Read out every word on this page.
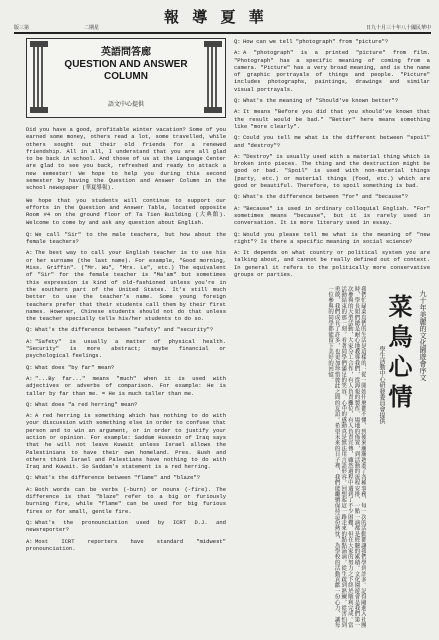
版三第	二期星
報 導 夏 華
日九十月三十年八十國民華中
英語問答廊
QUESTION AND ANSWER COLUMN
語文中心提供

Did you have a good, profitable winter vacation? Some of you earned some money, others read a lot, some travelled, while others sought out their old friends for a renewed friendship. All in all, I understand that you are all glad to be back in school. And those of us at the Language Center are glad to see you back, refreshed and ready to attack a new semester! We hope to help you during this second semester by having the Question and Answer Column in the school newspaper (華夏導報).

We hope that you students will continue to support our efforts in the Question and Answer Table, located opposite Room #4 on the ground floor of Ta Tien Building (大典館). Welcome to come by and ask any question about English.

Q: We call "Sir" to the male teachers, but how about the female teachers?

A: The best way to call your English teacher is to use his or her surname (the last name). For example, "Good morning, Miss. Griffin". ("Mr. Wu", "Mrs. Le", etc.) The equivalent of "Sir" for the female teacher is "Ma'am" but sometimes this expression is kind of old-fashioned unless you're in the southern part of the United States. It's still much better to use the teacher's name. Some young foreign teachers prefer that their students call them by their first names. However, Chinese students should not do that unless the teacher specially tells his/her students to do so.

Q: What's the difference between "safety" and "security"?

A: "Safety" is usually a matter of physical health. "Security" is more abstract; maybe financial or psychological feelings.

Q: What does "by far" mean?

A: "...By far..." means "much" when it is used with adjectives or adverbs of comparison. For example: He is taller by far than me. = He is much taller than me.

Q: What does "a red herring" mean?

A: A red herring is something which has nothing to do with your discussion with something else in order to confuse that person and to win an argument, or in order to justify your action or opinion. For example: Saddam Hussein of Iraq says that he will not leave Kuwait unless Israel allows the Palestinians to have their own homeland. Pres. Bush and others think Israel and Palestians have nothing to do with Iraq and Kuwait. So Saddam's statement is a red herring.

Q: What's the difference between "flame" and "blaze"?

A: Both words can be verbs (-burn) or nouns (-fire). The difference is that "blaze" refer to a big or furiously burning fire, while "flame" can be used for big furious fires or for small, gentle fire.

Q: What's the pronounciation used by ICRT D.J. and newsreporter?

A: Most ICRT reporters have standard "midwest" pronounciation.

Q: How can we tell "photograph" from "picture"?

A: A "photograph" is a printed "picture" from film. "Photograph" has a specific meaning of coming from a camera. "Picture" has a very broad meaning, and is the name of graphic portrayals of things and people. "Picture" includes photographs, paintings, drawings and similar visual portrayals.

Q: What's the meaning of "Should've known better"?

A: It means "Before you did that you should've known that the result would be bad." "Better" here means something like "more clearly".

Q: Could you tell me what is the different between "spoil" and "destroy"?

A: "Destroy" is usually used with a material thing which is broken into pieces. The thing and the destruction might be good or bad. "Spoil" is used with non-material things (party, etc.) or material things (food, etc.) which are good or beautiful. Therefore, to spoil something is bad.

Q: What's the difference between "for" and "because"?

A: "Because" is used in ordinary colloquial English. "For" sometimes means "because", but it is rarely used in conversation. It is more literary used in essay.

Q: Would you please tell me what is the meaning of "new right"? Is there a specific meaning in social science?

A: It depends on what country or political system you are talking about, and cannot be really defined out of context. In general it refers to the politically more conservative groups or parties.

九十年美麗的文化園遊會序文
菜鳥心情
學生活動中心研發委員會提供
我們忙碌菜鳥們的生活是這樣的：從一開始什麼都不懂，到後來漸漸熟悉了各種事務，每一次的活動都讓我們學到許多。記得剛進入社團時，學長姐們總是耐心地教導我們，從海報的製作、場地的佈置，到活動的流程安排，一點一滴都是經驗的累積。文化園遊會是我們第一次參與的大型活動，大家分工合作，有人負責攤位，有人負責宣傳，雖然過程中遇到了不少困難，但在大家的努力之下終於順利完成。當活動結束的那一刻，看著同學們滿足的笑容，心中的感動真是無法用言語形容。回想起這一路走來的點點滴滴，從生疏到熟練，從害怕到勇敢，我們成長了許多，也更加珍惜彼此之間的友誼。希望未來的日子裡，我們能繼續保持這份熱忱，為學校的活動貢獻一份心力，讓每一位參與的同學都能留下美好的回憶。
